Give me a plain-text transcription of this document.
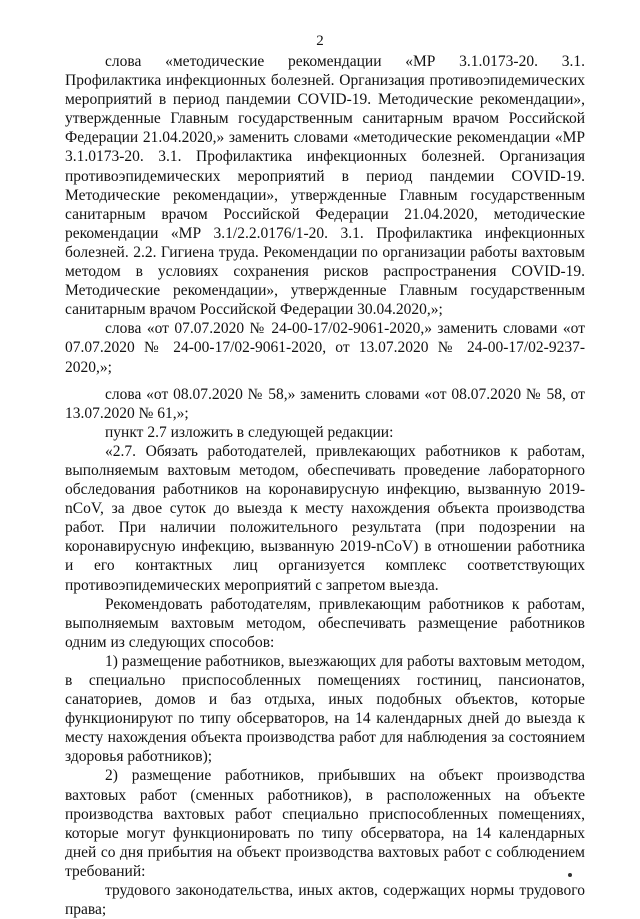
2

слова «методические рекомендации «МР 3.1.0173-20. 3.1. Профилактика инфекционных болезней. Организация противоэпидемических мероприятий в период пандемии COVID-19. Методические рекомендации», утвержденные Главным государственным санитарным врачом Российской Федерации 21.04.2020,» заменить словами «методические рекомендации «МР 3.1.0173-20. 3.1. Профилактика инфекционных болезней. Организация противоэпидемических мероприятий в период пандемии COVID-19. Методические рекомендации», утвержденные Главным государственным санитарным врачом Российской Федерации 21.04.2020, методические рекомендации «МР 3.1/2.2.0176/1-20. 3.1. Профилактика инфекционных болезней. 2.2. Гигиена труда. Рекомендации по организации работы вахтовым методом в условиях сохранения рисков распространения COVID-19. Методические рекомендации», утвержденные Главным государственным санитарным врачом Российской Федерации 30.04.2020,»;

слова «от 07.07.2020 № 24-00-17/02-9061-2020,» заменить словами «от 07.07.2020 № 24-00-17/02-9061-2020, от 13.07.2020 № 24-00-17/02-9237-2020,»;

слова «от 08.07.2020 № 58,» заменить словами «от 08.07.2020 № 58, от 13.07.2020 № 61,»;

пункт 2.7 изложить в следующей редакции:

«2.7. Обязать работодателей, привлекающих работников к работам, выполняемым вахтовым методом, обеспечивать проведение лабораторного обследования работников на коронавирусную инфекцию, вызванную 2019-nCoV, за двое суток до выезда к месту нахождения объекта производства работ. При наличии положительного результата (при подозрении на коронавирусную инфекцию, вызванную 2019-nCoV) в отношении работника и его контактных лиц организуется комплекс соответствующих противоэпидемических мероприятий с запретом выезда.

Рекомендовать работодателям, привлекающим работников к работам, выполняемым вахтовым методом, обеспечивать размещение работников одним из следующих способов:

1) размещение работников, выезжающих для работы вахтовым методом, в специально приспособленных помещениях гостиниц, пансионатов, санаториев, домов и баз отдыха, иных подобных объектов, которые функционируют по типу обсерваторов, на 14 календарных дней до выезда к месту нахождения объекта производства работ для наблюдения за состоянием здоровья работников);

2) размещение работников, прибывших на объект производства вахтовых работ (сменных работников), в расположенных на объекте производства вахтовых работ специально приспособленных помещениях, которые могут функционировать по типу обсерватора, на 14 календарных дней со дня прибытия на объект производства вахтовых работ с соблюдением требований:

трудового законодательства, иных актов, содержащих нормы трудового права;
